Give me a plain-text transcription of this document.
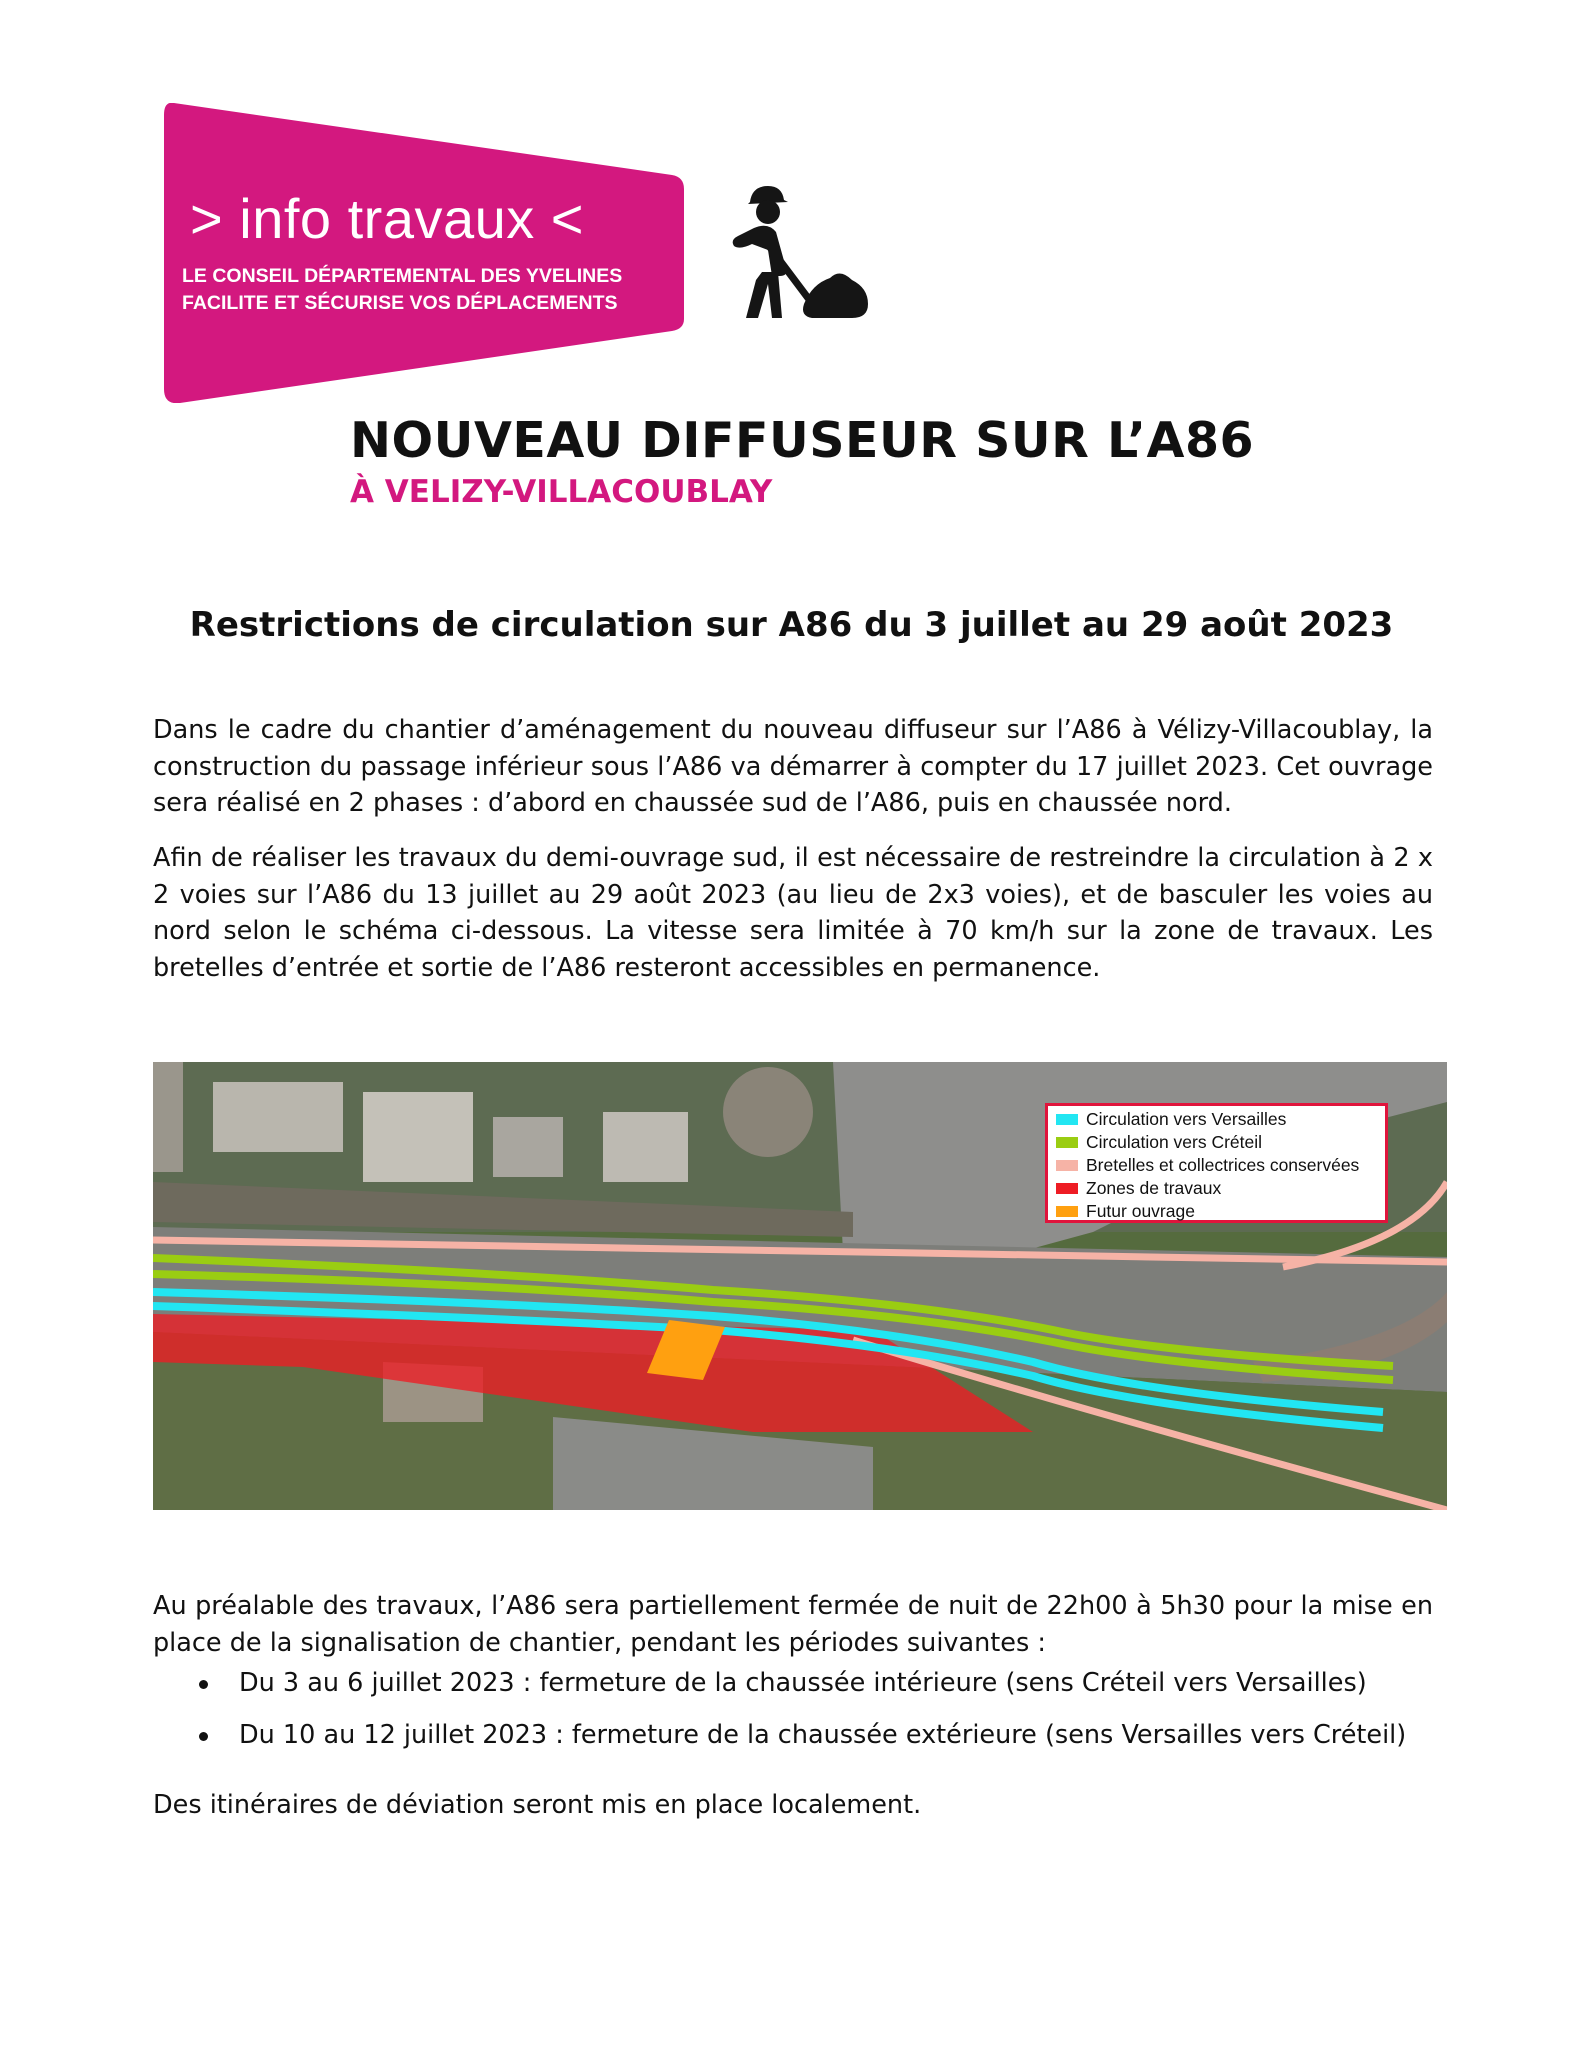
> info travaux <
LE CONSEIL DÉPARTEMENTAL DES YVELINES
FACILITE ET SÉCURISE VOS DÉPLACEMENTS
NOUVEAU DIFFUSEUR SUR L’A86
À VELIZY-VILLACOUBLAY
Restrictions de circulation sur A86 du 3 juillet au 29 août 2023
Dans le cadre du chantier d’aménagement du nouveau diffuseur sur l’A86 à Vélizy-Villacoublay, la construction du passage inférieur sous l’A86 va démarrer à compter du 17 juillet 2023. Cet ouvrage sera réalisé en 2 phases : d’abord en chaussée sud de l’A86, puis en chaussée nord.
Afin de réaliser les travaux du demi-ouvrage sud, il est nécessaire de restreindre la circulation à 2 x 2 voies sur l’A86 du 13 juillet au 29 août 2023 (au lieu de 2x3 voies), et de basculer les voies au nord selon le schéma ci-dessous. La vitesse sera limitée à 70 km/h sur la zone de travaux. Les bretelles d’entrée et sortie de l’A86 resteront accessibles en permanence.
Circulation vers Versailles
Circulation vers Créteil
Bretelles et collectrices conservées
Zones de travaux
Futur ouvrage
Au préalable des travaux, l’A86 sera partiellement fermée de nuit de 22h00 à 5h30 pour la mise en place de la signalisation de chantier, pendant les périodes suivantes :
Du 3 au 6 juillet 2023 : fermeture de la chaussée intérieure (sens Créteil vers Versailles)
Du 10 au 12 juillet 2023 : fermeture de la chaussée extérieure (sens Versailles vers Créteil)
Des itinéraires de déviation seront mis en place localement.
